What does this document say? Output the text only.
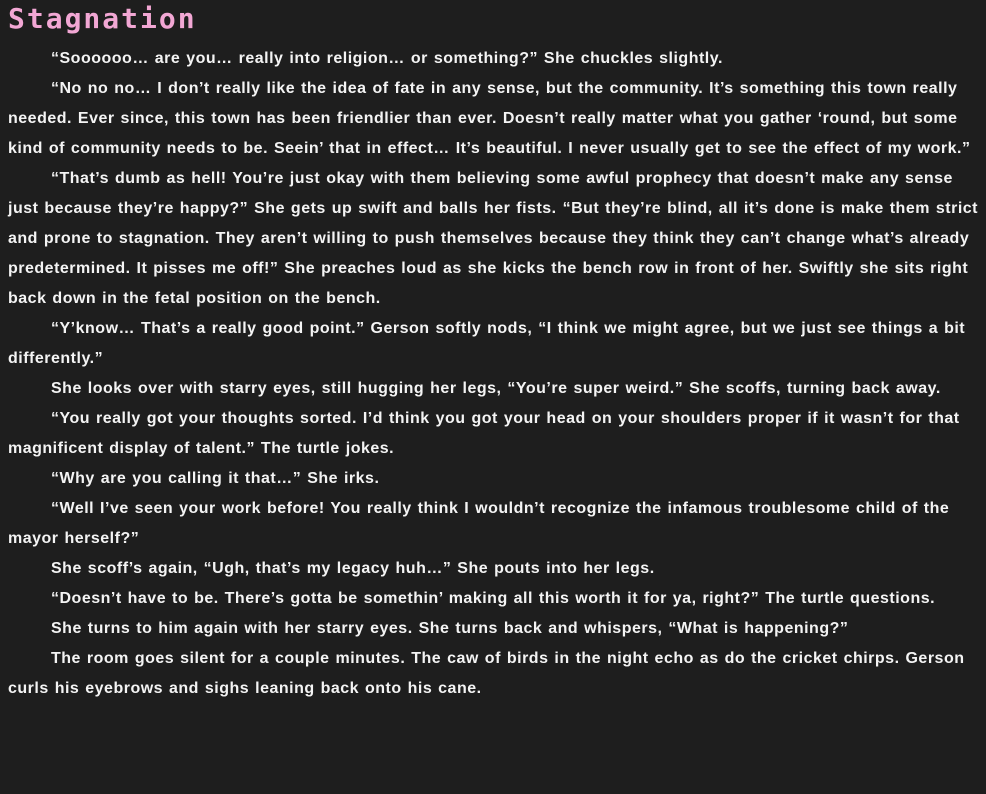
Stagnation

“Soooooo… are you… really into religion… or something?” She chuckles slightly.

“No no no… I don’t really like the idea of fate in any sense, but the community. It’s something this town really needed. Ever since, this town has been friendlier than ever. Doesn’t really matter what you gather ‘round, but some kind of community needs to be. Seein’ that in effect… It’s beautiful. I never usually get to see the effect of my work.”

“That’s dumb as hell! You’re just okay with them believing some awful prophecy that doesn’t make any sense just because they’re happy?” She gets up swift and balls her fists. “But they’re blind, all it’s done is make them strict and prone to stagnation. They aren’t willing to push themselves because they think they can’t change what’s already predetermined. It pisses me off!” She preaches loud as she kicks the bench row in front of her. Swiftly she sits right back down in the fetal position on the bench.

“Y’know… That’s a really good point.” Gerson softly nods, “I think we might agree, but we just see things a bit differently.”

She looks over with starry eyes, still hugging her legs, “You’re super weird.” She scoffs, turning back away.

“You really got your thoughts sorted. I’d think you got your head on your shoulders proper if it wasn’t for that magnificent display of talent.” The turtle jokes.

“Why are you calling it that…” She irks.

“Well I’ve seen your work before! You really think I wouldn’t recognize the infamous troublesome child of the mayor herself?”

She scoff’s again, “Ugh, that’s my legacy huh…” She pouts into her legs.

“Doesn’t have to be. There’s gotta be somethin’ making all this worth it for ya, right?” The turtle questions.

She turns to him again with her starry eyes. She turns back and whispers, “What is happening?”

The room goes silent for a couple minutes. The caw of birds in the night echo as do the cricket chirps. Gerson curls his eyebrows and sighs leaning back onto his cane.
